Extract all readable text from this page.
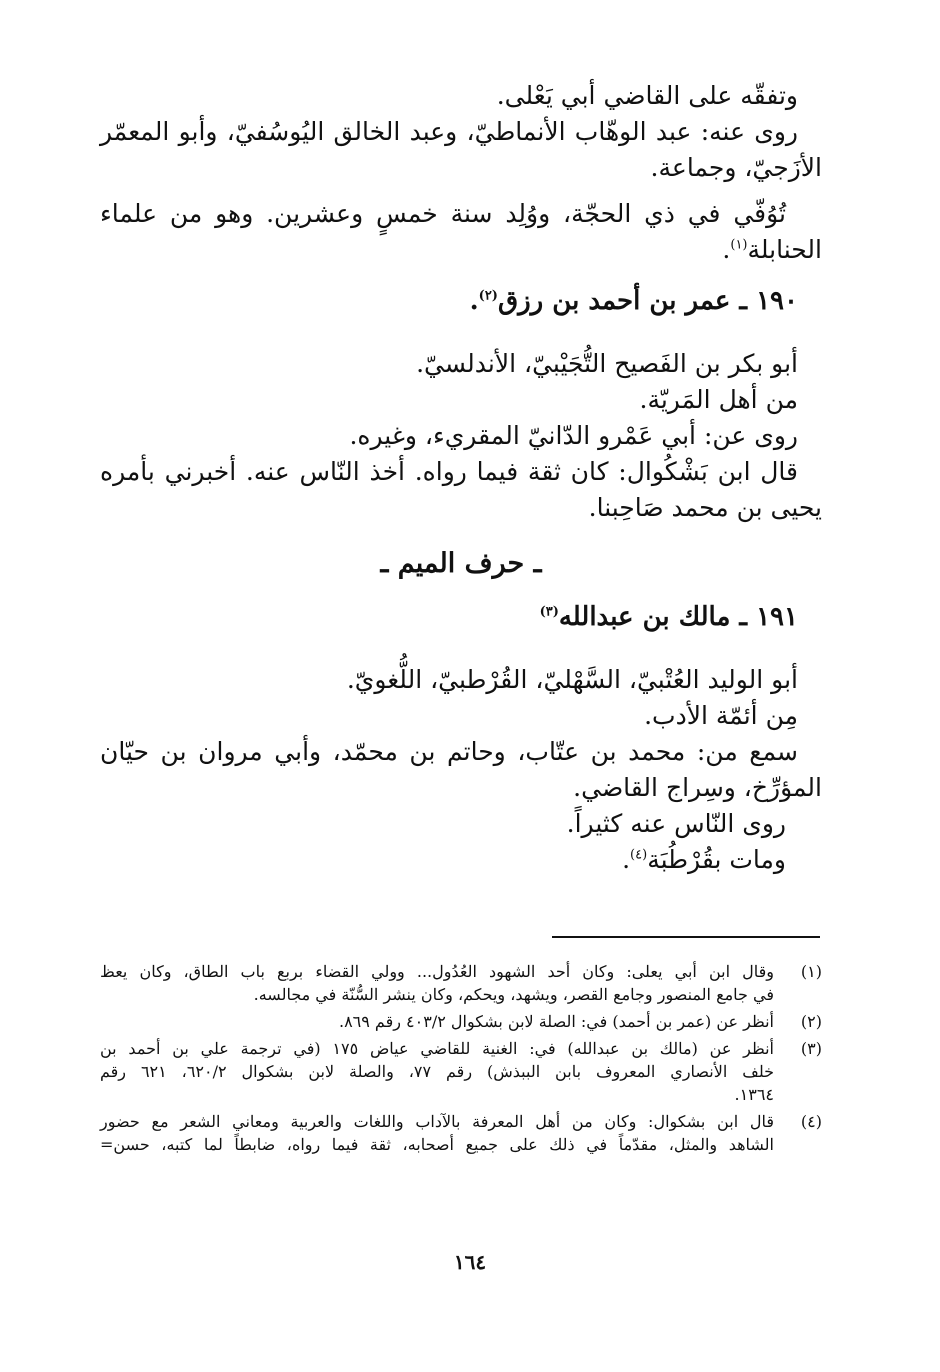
وتفقّه على القاضي أبي يَعْلى.

روى عنه: عبد الوهّاب الأنماطيّ، وعبد الخالق اليُوسُفيّ، وأبو المعمّر

الأزَجيّ، وجماعة.

تُوُفّي في ذي الحجّة، ووُلِد سنة خمسٍ وعشرين. وهو من علماء

الحنابلة$^{(١)}$.

١٩٠ ـ عمر بن أحمد بن رزق$^{(٢)}$.

أبو بكر بن الفَصيح التُّجَيْبيّ، الأندلسيّ.

من أهل المَريّة.

روى عن: أبي عَمْرو الدّانيّ المقريء، وغيره.

قال ابن بَشْكُوال: كان ثقة فيما رواه. أخذ النّاس عنه. أخبرني بأمره

يحيى بن محمد صَاحِبنا.

ـ حرف الميم ـ

١٩١ ـ مالك بن عبدالله$^{(٣)}$

أبو الوليد العُتْبيّ، السَّهْليّ، القُرْطبيّ، اللُّغويّ.

مِن أئمّة الأدب.

سمع من: محمد بن عتّاب، وحاتم بن محمّد، وأبي مروان بن حيّان

المؤرِّخ، وسِراج القاضي.

روى النّاس عنه كثيراً.

ومات بقُرْطُبَة$^{(٤)}$.

(١)

وقال ابن أبي يعلى: وكان أحد الشهود العُدُول... وولي القضاء بربع باب الطاق، وكان يعظ

في جامع المنصور وجامع القصر، ويشهد، ويحكم، وكان ينشر السُّنّة في مجالسه.

(٢)

أنظر عن (عمر بن أحمد) في: الصلة لابن بشكوال ٤٠٣/٢ رقم ٨٦٩.

(٣)

أنظر عن (مالك بن عبدالله) في: الغنية للقاضي عياض ١٧٥ (في ترجمة علي بن أحمد بن

خلف الأنصاري المعروف بابن الببذش) رقم ٧٧، والصلة لابن بشكوال ٦٢٠/٢، ٦٢١ رقم

١٣٦٤.

(٤)

قال ابن بشكوال: وكان من أهل المعرفة بالآداب واللغات والعربية ومعاني الشعر مع حضور

الشاهد والمثل، مقدّماً في ذلك على جميع أصحابه، ثقة فيما رواه، ضابطاً لما كتبه، حسن=

١٦٤
